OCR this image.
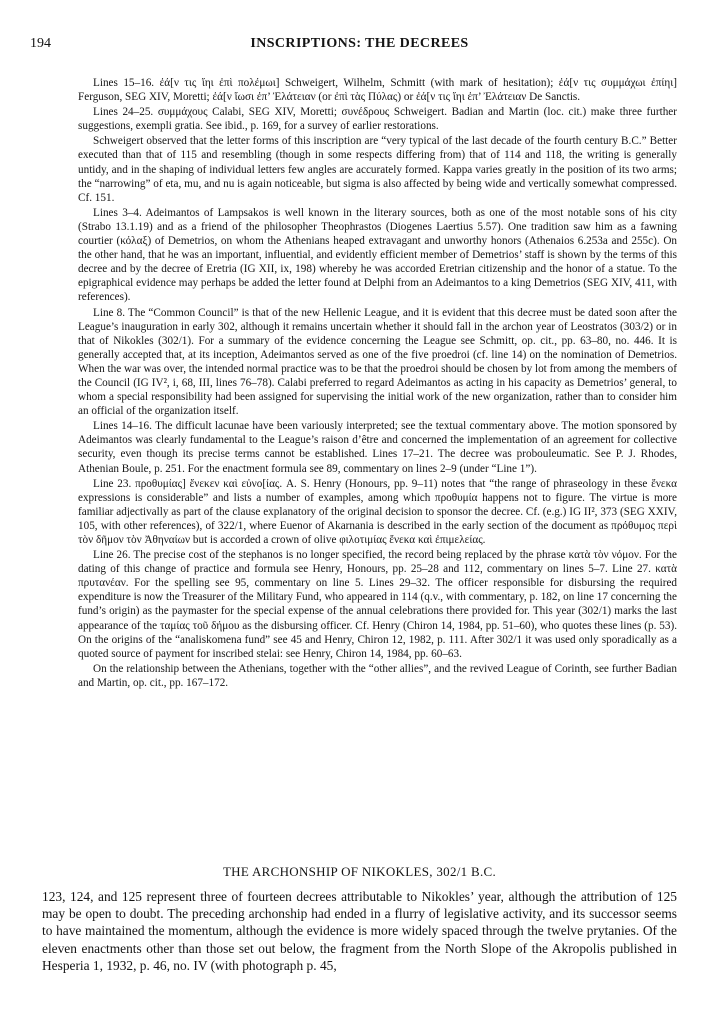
194	INSCRIPTIONS: THE DECREES

Lines 15–16. ἐά[ν τις ἴηι ἐπὶ πολέμωι] Schweigert, Wilhelm, Schmitt (with mark of hesitation); ἐά[ν τις συμμάχωι ἐπίηι] Ferguson, SEG XIV, Moretti; ἐά[ν ἴωσι ἐπ’ Ἐλάτειαν (or ἐπὶ τὰς Πύλας) or ἐά[ν τις ἴηι ἐπ’ Ἐλάτειαν De Sanctis.

Lines 24–25. συμμάχους Calabi, SEG XIV, Moretti; συνέδρους Schweigert. Badian and Martin (loc. cit.) make three further suggestions, exempli gratia. See ibid., p. 169, for a survey of earlier restorations.

Schweigert observed that the letter forms of this inscription are “very typical of the last decade of the fourth century B.C.” Better executed than that of 115 and resembling (though in some respects differing from) that of 114 and 118, the writing is generally untidy, and in the shaping of individual letters few angles are accurately formed. Kappa varies greatly in the position of its two arms; the “narrowing” of eta, mu, and nu is again noticeable, but sigma is also affected by being wide and vertically somewhat compressed. Cf. 151.

Lines 3–4. Adeimantos of Lampsakos is well known in the literary sources, both as one of the most notable sons of his city (Strabo 13.1.19) and as a friend of the philosopher Theophrastos (Diogenes Laertius 5.57). One tradition saw him as a fawning courtier (κόλαξ) of Demetrios, on whom the Athenians heaped extravagant and unworthy honors (Athenaios 6.253a and 255c). On the other hand, that he was an important, influential, and evidently efficient member of Demetrios’ staff is shown by the terms of this decree and by the decree of Eretria (IG XII, ix, 198) whereby he was accorded Eretrian citizenship and the honor of a statue. To the epigraphical evidence may perhaps be added the letter found at Delphi from an Adeimantos to a king Demetrios (SEG XIV, 411, with references).

Line 8. The “Common Council” is that of the new Hellenic League, and it is evident that this decree must be dated soon after the League’s inauguration in early 302, although it remains uncertain whether it should fall in the archon year of Leostratos (303/2) or in that of Nikokles (302/1). For a summary of the evidence concerning the League see Schmitt, op. cit., pp. 63–80, no. 446. It is generally accepted that, at its inception, Adeimantos served as one of the five proedroi (cf. line 14) on the nomination of Demetrios. When the war was over, the intended normal practice was to be that the proedroi should be chosen by lot from among the members of the Council (IG IV², i, 68, III, lines 76–78). Calabi preferred to regard Adeimantos as acting in his capacity as Demetrios’ general, to whom a special responsibility had been assigned for supervising the initial work of the new organization, rather than to consider him an official of the organization itself.

Lines 14–16. The difficult lacunae have been variously interpreted; see the textual commentary above. The motion sponsored by Adeimantos was clearly fundamental to the League’s raison d’être and concerned the implementation of an agreement for collective security, even though its precise terms cannot be established. Lines 17–21. The decree was probouleumatic. See P. J. Rhodes, Athenian Boule, p. 251. For the enactment formula see 89, commentary on lines 2–9 (under “Line 1”).

Line 23. προθυμίας] ἕνεκεν καὶ εὐνο[ίας. A. S. Henry (Honours, pp. 9–11) notes that “the range of phraseology in these ἕνεκα expressions is considerable” and lists a number of examples, among which προθυμία happens not to figure. The virtue is more familiar adjectivally as part of the clause explanatory of the original decision to sponsor the decree. Cf. (e.g.) IG II², 373 (SEG XXIV, 105, with other references), of 322/1, where Euenor of Akarnania is described in the early section of the document as πρόθυμος περὶ τὸν δῆμον τὸν Ἀθηναίων but is accorded a crown of olive φιλοτιμίας ἕνεκα καὶ ἐπιμελείας.

Line 26. The precise cost of the stephanos is no longer specified, the record being replaced by the phrase κατὰ τὸν νόμον. For the dating of this change of practice and formula see Henry, Honours, pp. 25–28 and 112, commentary on lines 5–7. Line 27. κατὰ πρυτανέαν. For the spelling see 95, commentary on line 5. Lines 29–32. The officer responsible for disbursing the required expenditure is now the Treasurer of the Military Fund, who appeared in 114 (q.v., with commentary, p. 182, on line 17 concerning the fund’s origin) as the paymaster for the special expense of the annual celebrations there provided for. This year (302/1) marks the last appearance of the ταμίας τοῦ δήμου as the disbursing officer. Cf. Henry (Chiron 14, 1984, pp. 51–60), who quotes these lines (p. 53). On the origins of the “analiskomena fund” see 45 and Henry, Chiron 12, 1982, p. 111. After 302/1 it was used only sporadically as a quoted source of payment for inscribed stelai: see Henry, Chiron 14, 1984, pp. 60–63.

On the relationship between the Athenians, together with the “other allies”, and the revived League of Corinth, see further Badian and Martin, op. cit., pp. 167–172.

THE ARCHONSHIP OF NIKOKLES, 302/1 B.C.

123, 124, and 125 represent three of fourteen decrees attributable to Nikokles’ year, although the attribution of 125 may be open to doubt. The preceding archonship had ended in a flurry of legislative activity, and its successor seems to have maintained the momentum, although the evidence is more widely spaced through the twelve prytanies. Of the eleven enactments other than those set out below, the fragment from the North Slope of the Akropolis published in Hesperia 1, 1932, p. 46, no. IV (with photograph p. 45,
